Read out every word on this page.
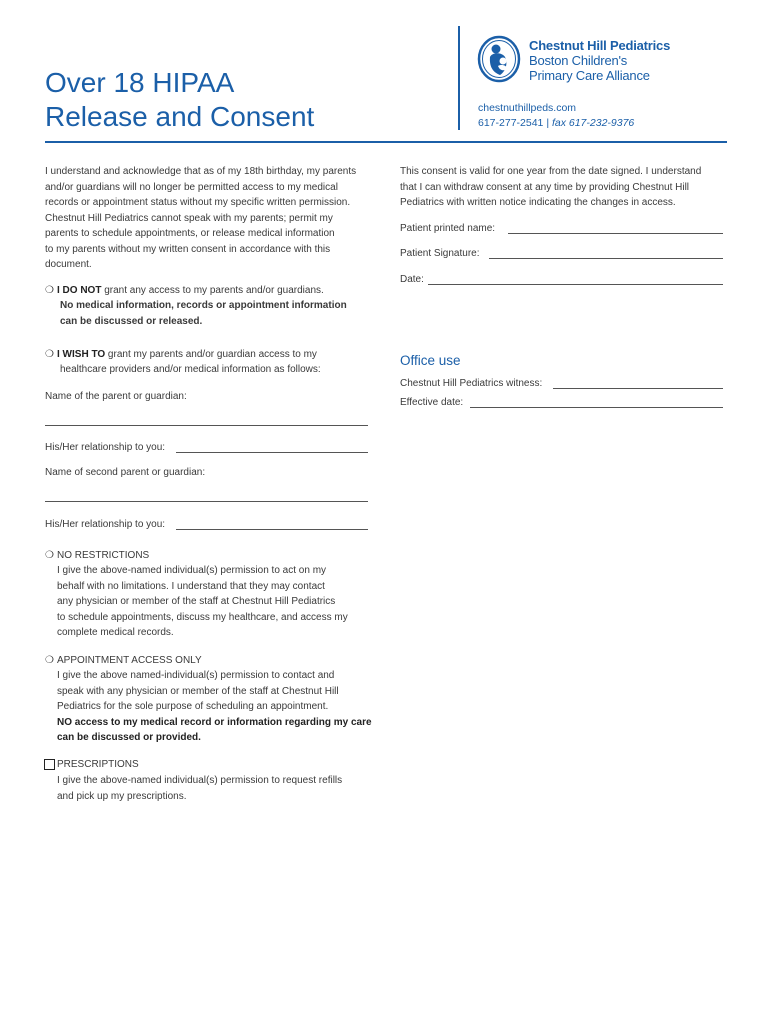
Over 18 HIPAA
Release and Consent
Chestnut Hill Pediatrics
Boston Children's
Primary Care Alliance
chestnuthillpeds.com
617-277-2541 | fax 617-232-9376
I understand and acknowledge that as of my 18th birthday, my parents
and/or guardians will no longer be permitted access to my medical
records or appointment status without my specific written permission.
Chestnut Hill Pediatrics cannot speak with my parents; permit my
parents to schedule appointments, or release medical information
to my parents without my written consent in accordance with this
document.
❍ I DO NOT grant any access to my parents and/or guardians.
No medical information, records or appointment information
can be discussed or released.
❍ I WISH TO grant my parents and/or guardian access to my
healthcare providers and/or medical information as follows:
Name of the parent or guardian:
His/Her relationship to you:
Name of second parent or guardian:
His/Her relationship to you:
❍ NO RESTRICTIONS
I give the above-named individual(s) permission to act on my
behalf with no limitations. I understand that they may contact
any physician or member of the staff at Chestnut Hill Pediatrics
to schedule appointments, discuss my healthcare, and access my
complete medical records.
❍ APPOINTMENT ACCESS ONLY
I give the above named-individual(s) permission to contact and
speak with any physician or member of the staff at Chestnut Hill
Pediatrics for the sole purpose of scheduling an appointment.
NO access to my medical record or information regarding my care
can be discussed or provided.
PRESCRIPTIONS
I give the above-named individual(s) permission to request refills
and pick up my prescriptions.
This consent is valid for one year from the date signed. I understand
that I can withdraw consent at any time by providing Chestnut Hill
Pediatrics with written notice indicating the changes in access.
Patient printed name:
Patient Signature:
Date:
Office use
Chestnut Hill Pediatrics witness:
Effective date:
